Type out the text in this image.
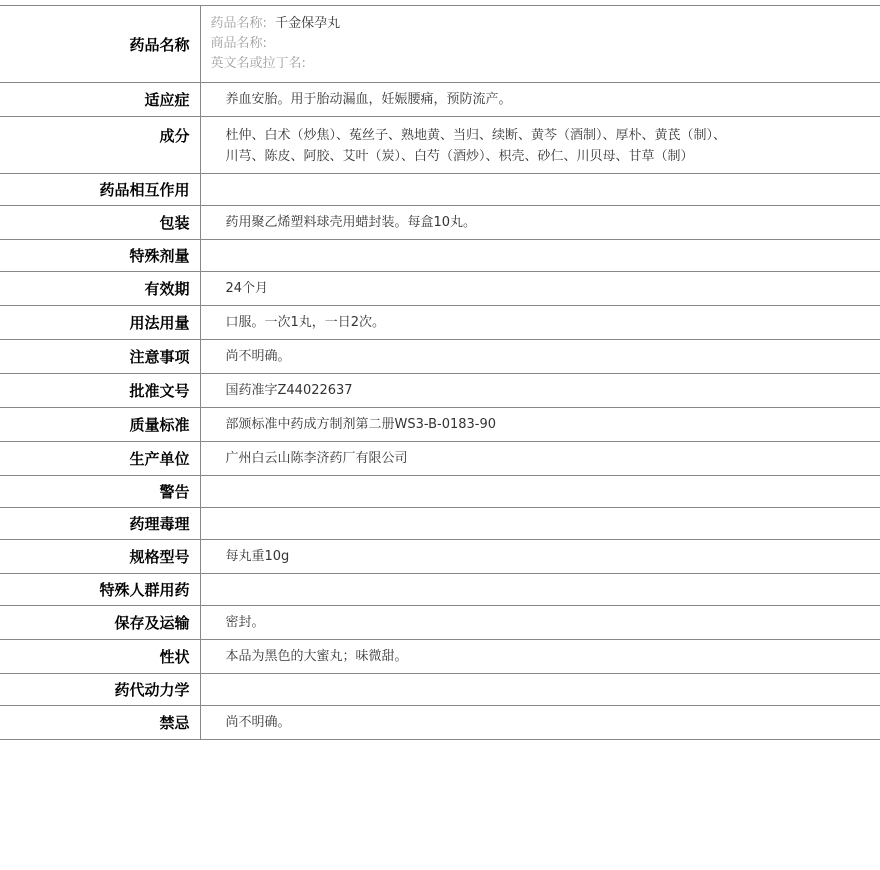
药品名称	药品名称: 千金保孕丸
商品名称:
英文名或拉丁名:

适应症	养血安胎。用于胎动漏血，妊娠腰痛，预防流产。
成分	杜仲、白术（炒焦）、菟丝子、熟地黄、当归、续断、黄芩（酒制）、厚朴、黄芪（制）、
川芎、陈皮、阿胶、艾叶（炭）、白芍（酒炒）、枳壳、砂仁、川贝母、甘草（制）

药品相互作用	
包装	药用聚乙烯塑料球壳用蜡封装。每盒10丸。
特殊剂量	
有效期	24个月
用法用量	口服。一次1丸，一日2次。
注意事项	尚不明确。
批准文号	国药准字Z44022637
质量标准	部颁标准中药成方制剂第二册WS3-B-0183-90
生产单位	广州白云山陈李济药厂有限公司
警告	
药理毒理	
规格型号	每丸重10g
特殊人群用药	
保存及运输	密封。
性状	本品为黑色的大蜜丸；味微甜。
药代动力学	
禁忌	尚不明确。
